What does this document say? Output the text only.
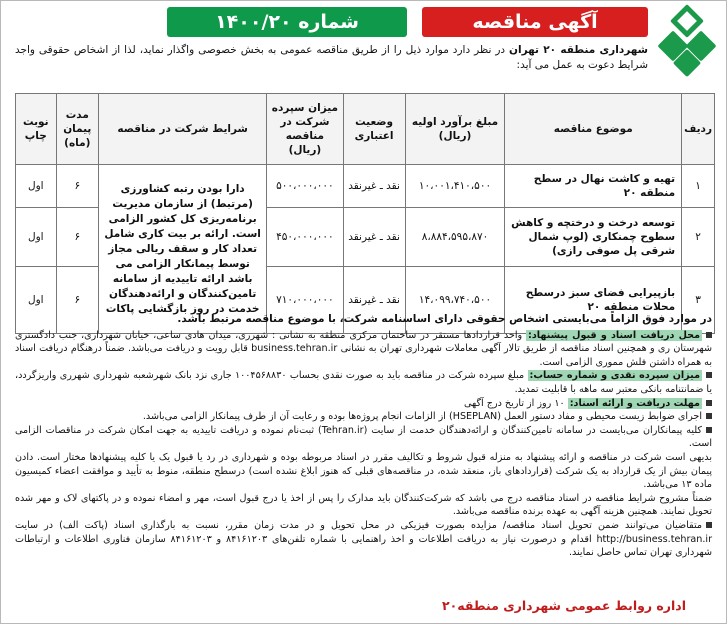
آگهی مناقصه
شماره ۱۴۰۰/۲۰
شهرداری منطقه ۲۰ تهران در نظر دارد موارد ذیل را از طریق مناقصه عمومی به بخش خصوصی واگذار نماید، لذا از اشخاص حقوقی واجد شرایط دعوت به عمل می آید:
ردیف	موضوع مناقصه	مبلغ برآورد اولیه (ریال)	وضعیت اعتباری	میزان سپرده شرکت در مناقصه (ریال)	شرایط شرکت در مناقصه	مدت پیمان (ماه)	نوبت چاپ
۱	تهیه و کاشت نهال در سطح منطقه ۲۰	۱۰،۰۰۱،۴۱۰،۵۰۰	نقد ـ غیرنقد	۵۰۰،۰۰۰،۰۰۰	دارا بودن رتبه کشاورزی (مرتبط) از سازمان مدیریت برنامه‌ریزی کل کشور الزامی است. ارائه بر بیت کاری شامل تعداد کار و سقف ریالی مجاز توسط پیمانکار الزامی می باشد ارائه تاییدیه از سامانه تامین‌کنندگان و ارائه‌دهندگان خدمت در روز بازگشایی پاکات	۶	اول
۲	توسعه درخت و درختچه و کاهش سطوح چمنکاری (لوپ شمال شرقی پل صوفی رازی)	۸،۸۸۴،۵۹۵،۸۷۰	نقد ـ غیرنقد	۴۵۰،۰۰۰،۰۰۰		۶	اول
۳	بازپیرایی فضای سبز درسطح محلات منطقه ۲۰	۱۴،۰۹۹،۷۴۰،۵۰۰	نقد ـ غیرنقد	۷۱۰،۰۰۰،۰۰۰		۶	اول

در موارد فوق الزاماً می‌بایستی اشخاص حقوقی دارای اساسنامه شرکت، با موضوع مناقصه مرتبط باشد.

محل دریافت اسناد و قبول پیشنهاد: واحد قراردادها مستقر در ساختمان مرکزی منطقه به نشانی : شهرری، میدان هادی ساعی، خیابان شهرداری، جنب دادگستری شهرستان ری و همچنین اسناد مناقصه از طریق تالار آگهی معاملات شهرداری تهران به نشانی business.tehran.ir قابل رویت و دریافت می‌باشد. ضمناً درهنگام دریافت اسناد به همراه داشتن فلش مموری الزامی است.

میزان سپرده نقدی و شماره حساب: مبلغ سپرده شرکت در مناقصه باید به صورت نقدی بحساب ۱۰۰۴۵۶۸۸۳۰ جاری نزد بانک شهرشعبه شهرداری شهرری واریزگردد، یا ضمانتنامه بانکی معتبر سه ماهه با قابلیت تمدید.

مهلت دریافت و ارائه اسناد: ۱۰ روز از تاریخ درج آگهی

اجرای ضوابط زیست محیطی و مفاد دستور العمل (HSEPLAN) از الزامات انجام پروژه‌ها بوده و رعایت آن از طرف پیمانکار الزامی می‌باشد.

کلیه پیمانکاران می‌بایست در سامانه تامین‌کنندگان و ارائه‌دهندگان خدمت از سایت (Tehran.ir) ثبت‌نام نموده و دریافت تاییدیه به جهت امکان شرکت در مناقصات الزامی است.

بدیهی است شرکت در مناقصه و ارائه پیشنهاد به منزله قبول شروط و تکالیف مقرر در اسناد مربوطه بوده و شهرداری در رد یا قبول یک یا کلیه پیشنهادها مختار است. دادن پیمان بیش از یک قرارداد به یک شرکت (قراردادهای باز، منعقد شده، در مناقصه‌های قبلی که هنوز ابلاغ نشده است) درسطح منطقه، منوط به تأیید و موافقت اعضاء کمیسیون ماده ۱۳ می‌باشد.

ضمناً مشروح شرایط مناقصه در اسناد مناقصه درج می باشد که شرکت‌کنندگان باید مدارک را پس از اخذ یا درج قبول است، مهر و امضاء نموده و در پاکتهای لاک و مهر شده تحویل نمایند. همچنین هزینه آگهی به عهده برنده مناقصه می‌باشد.

متقاضیان می‌توانند ضمن تحویل اسناد مناقصه/ مزایده بصورت فیزیکی در محل تحویل و در مدت زمان مقرر، نسبت به بارگذاری اسناد (پاکت الف) در سایت http://business.tehran.ir اقدام و درصورت نیاز به دریافت اطلاعات و اخذ راهنمایی با شماره تلفن‌های ۸۴۱۶۱۲۰۳ و ۸۴۱۶۱۲۰۳ سازمان فناوری اطلاعات و ارتباطات شهرداری تهران تماس حاصل نمایند.

اداره روابط عمومی شهرداری منطقه۲۰
